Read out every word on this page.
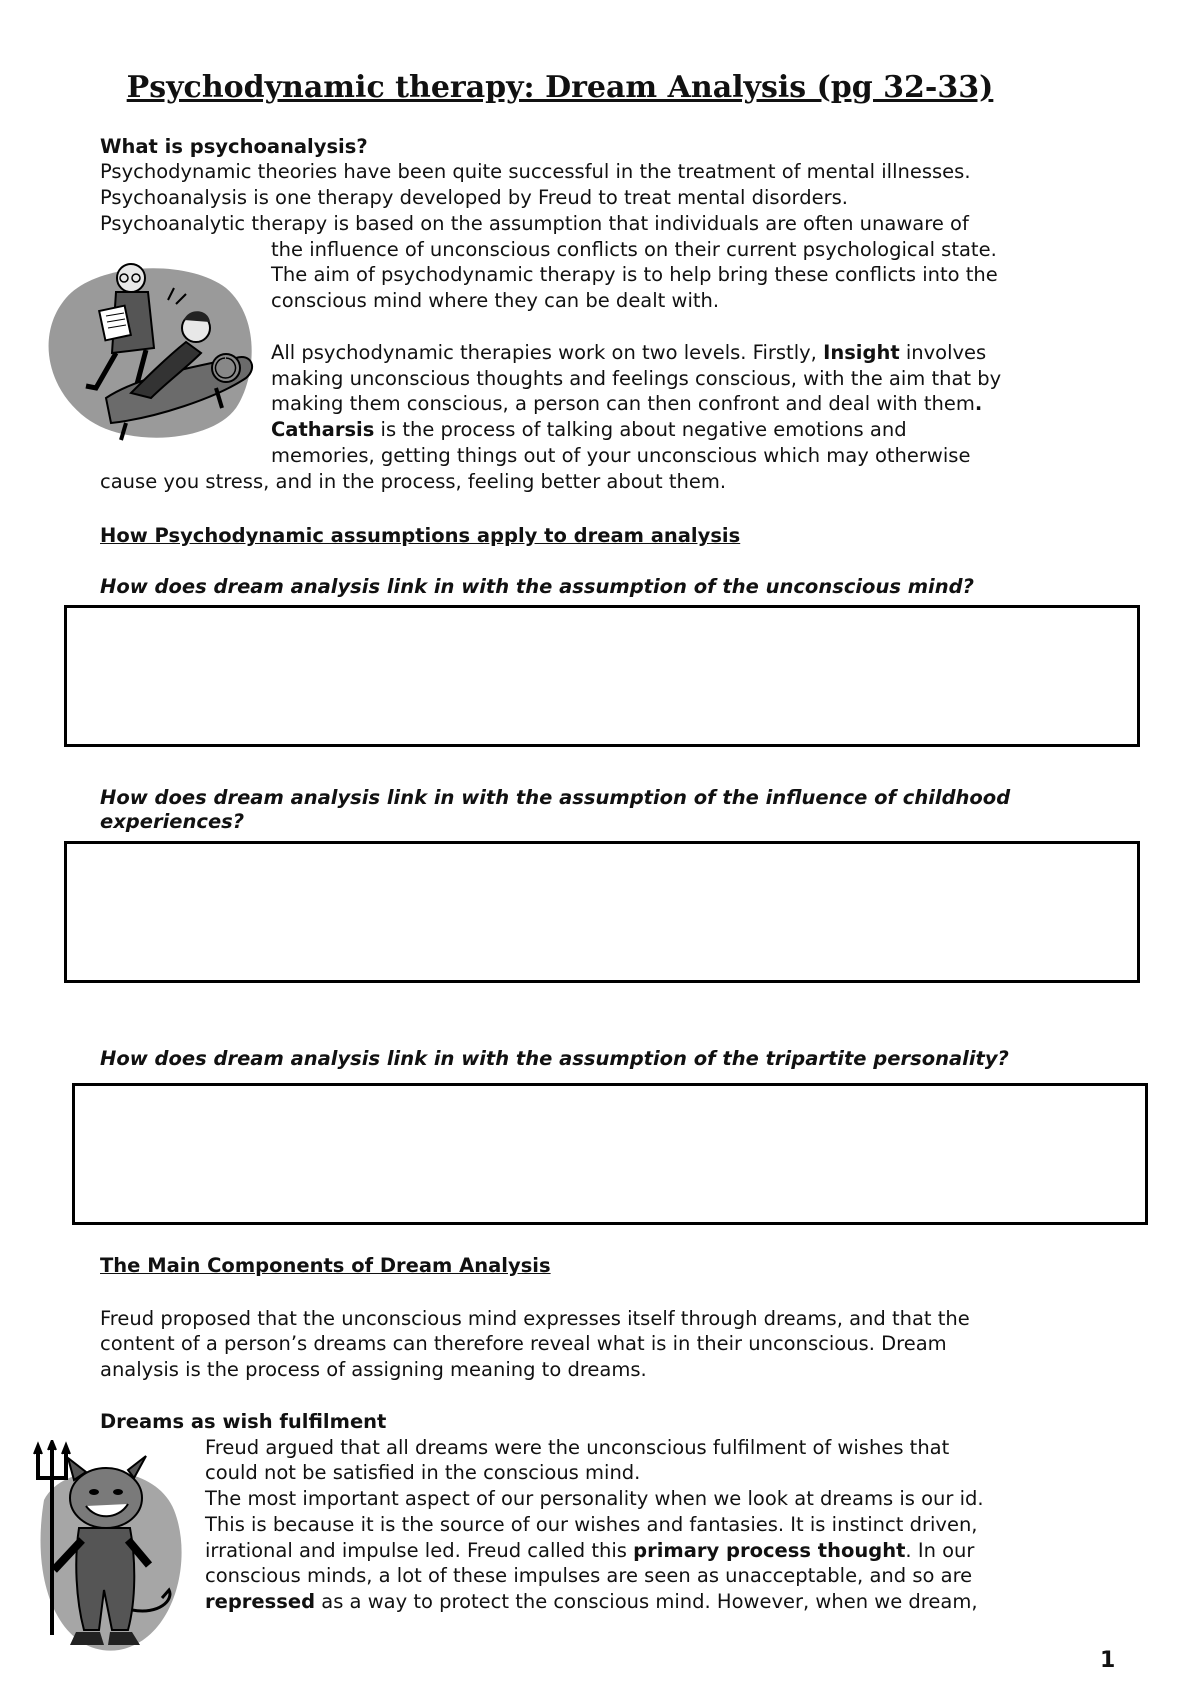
Psychodynamic therapy: Dream Analysis (pg 32-33)
What is psychoanalysis?
Psychodynamic theories have been quite successful in the treatment of mental illnesses.
Psychoanalysis is one therapy developed by Freud to treat mental disorders.
Psychoanalytic therapy is based on the assumption that individuals are often unaware of
the influence of unconscious conflicts on their current psychological state.
The aim of psychodynamic therapy is to help bring these conflicts into the
conscious mind where they can be dealt with.
All psychodynamic therapies work on two levels. Firstly, Insight involves
making unconscious thoughts and feelings conscious, with the aim that by
making them conscious, a person can then confront and deal with them.
Catharsis is the process of talking about negative emotions and
memories, getting things out of your unconscious which may otherwise
cause you stress, and in the process, feeling better about them.
How Psychodynamic assumptions apply to dream analysis
How does dream analysis link in with the assumption of the unconscious mind?
How does dream analysis link in with the assumption of the influence of childhood
experiences?
How does dream analysis link in with the assumption of the tripartite personality?
The Main Components of Dream Analysis
Freud proposed that the unconscious mind expresses itself through dreams, and that the
content of a person’s dreams can therefore reveal what is in their unconscious. Dream
analysis is the process of assigning meaning to dreams.
Dreams as wish fulfilment
Freud argued that all dreams were the unconscious fulfilment of wishes that
could not be satisfied in the conscious mind.
The most important aspect of our personality when we look at dreams is our id.
This is because it is the source of our wishes and fantasies. It is instinct driven,
irrational and impulse led. Freud called this primary process thought. In our
conscious minds, a lot of these impulses are seen as unacceptable, and so are
repressed as a way to protect the conscious mind. However, when we dream,
1
